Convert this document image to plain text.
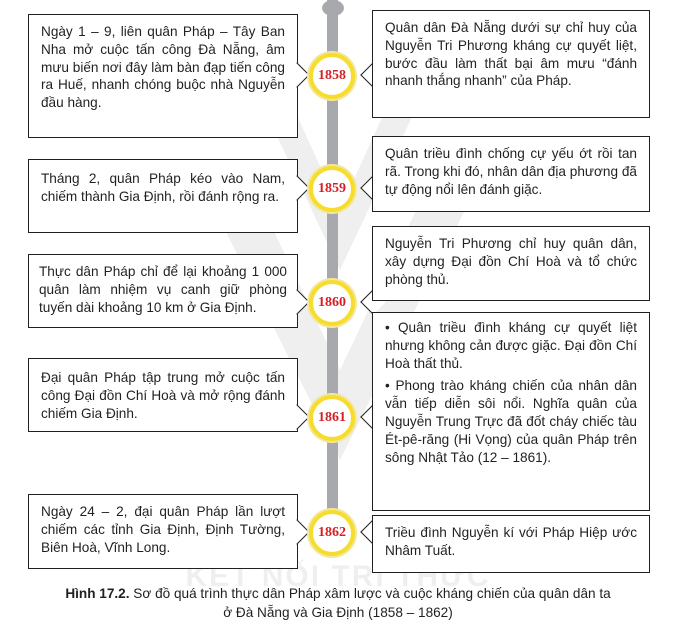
KẾT NỐI TRI THỨC

Ngày 1 – 9, liên quân Pháp – Tây Ban Nha mở cuộc tấn công Đà Nẵng, âm mưu biến nơi đây làm bàn đạp tiến công ra Huế, nhanh chóng buộc nhà Nguyễn đầu hàng.

1858

Quân dân Đà Nẵng dưới sự chỉ huy của Nguyễn Tri Phương kháng cự quyết liệt, bước đầu làm thất bại âm mưu “đánh nhanh thắng nhanh” của Pháp.

Tháng 2, quân Pháp kéo vào Nam, chiếm thành Gia Định, rồi đánh rộng ra.

1859

Quân triều đình chống cự yếu ớt rồi tan rã. Trong khi đó, nhân dân địa phương đã tự động nổi lên đánh giặc.

Thực dân Pháp chỉ để lại khoảng 1 000 quân làm nhiệm vụ canh giữ phòng tuyến dài khoảng 10 km ở Gia Định.	1860

Nguyễn Tri Phương chỉ huy quân dân, xây dựng Đại đồn Chí Hoà và tổ chức phòng thủ.

Đại quân Pháp tập trung mở cuộc tấn công Đại đồn Chí Hoà và mở rộng đánh chiếm Gia Định.	1861

• Quân triều đình kháng cự quyết liệt nhưng không cản được giặc. Đại đồn Chí Hoà thất thủ.

• Phong trào kháng chiến của nhân dân vẫn tiếp diễn sôi nổi. Nghĩa quân của Nguyễn Trung Trực đã đốt cháy chiếc tàu Ét-pê-răng (Hi Vọng) của quân Pháp trên sông Nhật Tảo (12 – 1861).

Ngày 24 – 2, đại quân Pháp lần lượt chiếm các tỉnh Gia Định, Định Tường, Biên Hoà, Vĩnh Long.

1862	Triều đình Nguyễn kí với Pháp Hiệp ước Nhâm Tuất.

Hình 17.2. Sơ đồ quá trình thực dân Pháp xâm lược và cuộc kháng chiến của quân dân ta
ở Đà Nẵng và Gia Định (1858 – 1862)
